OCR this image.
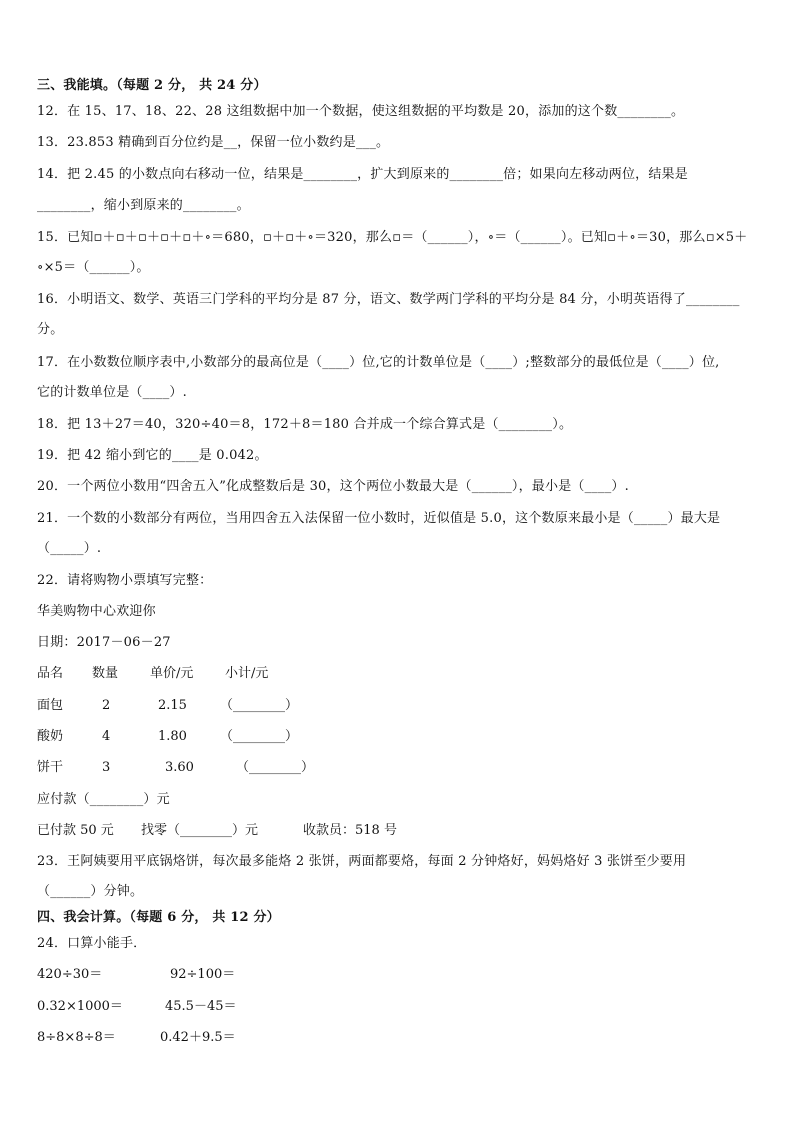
三、我能填。（每题 2 分， 共 24 分）
12．在 15、17、18、22、28 这组数据中加一个数据，使这组数据的平均数是 20，添加的这个数________。
13．23.853 精确到百分位约是__，保留一位小数约是___。
14．把 2.45 的小数点向右移动一位，结果是________，扩大到原来的________倍；如果向左移动两位，结果是
________，缩小到原来的________。
15．已知▫＋▫＋▫＋▫＋▫＋∘＝680，▫＋▫＋∘＝320，那么▫＝（______），∘＝（______）。已知▫＋∘＝30，那么▫×5＋
∘×5＝（______）。
16．小明语文、数学、英语三门学科的平均分是 87 分，语文、数学两门学科的平均分是 84 分，小明英语得了________
分。
17．在小数数位顺序表中,小数部分的最高位是（____）位,它的计数单位是（____）;整数部分的最低位是（____）位,
它的计数单位是（____）.
18．把 13＋27＝40，320÷40＝8，172＋8＝180 合并成一个综合算式是（________）。
19．把 42 缩小到它的____是 0.042。
20．一个两位小数用“四舍五入”化成整数后是 30，这个两位小数最大是（______），最小是（____）.
21．一个数的小数部分有两位，当用四舍五入法保留一位小数时，近似值是 5.0，这个数原来最小是（_____）最大是
（_____）.
22．请将购物小票填写完整：
华美购物中心欢迎你
日期：2017－06－27
品名 数量 单价/元 小计/元
面包	2	2.15	（________）
酸奶	4	1.80	（________）
饼干	3	3.60	（________）
应付款（________）元
已付款 50 元 找零（________）元	收款员：518 号
23．王阿姨要用平底锅烙饼，每次最多能烙 2 张饼，两面都要烙，每面 2 分钟烙好，妈妈烙好 3 张饼至少要用
（______）分钟。
四、我会计算。（每题 6 分， 共 12 分）
24．口算小能手．
420÷30＝	92÷100＝
0.32×1000＝	45.5－45＝
8÷8×8÷8＝	0.42＋9.5＝
